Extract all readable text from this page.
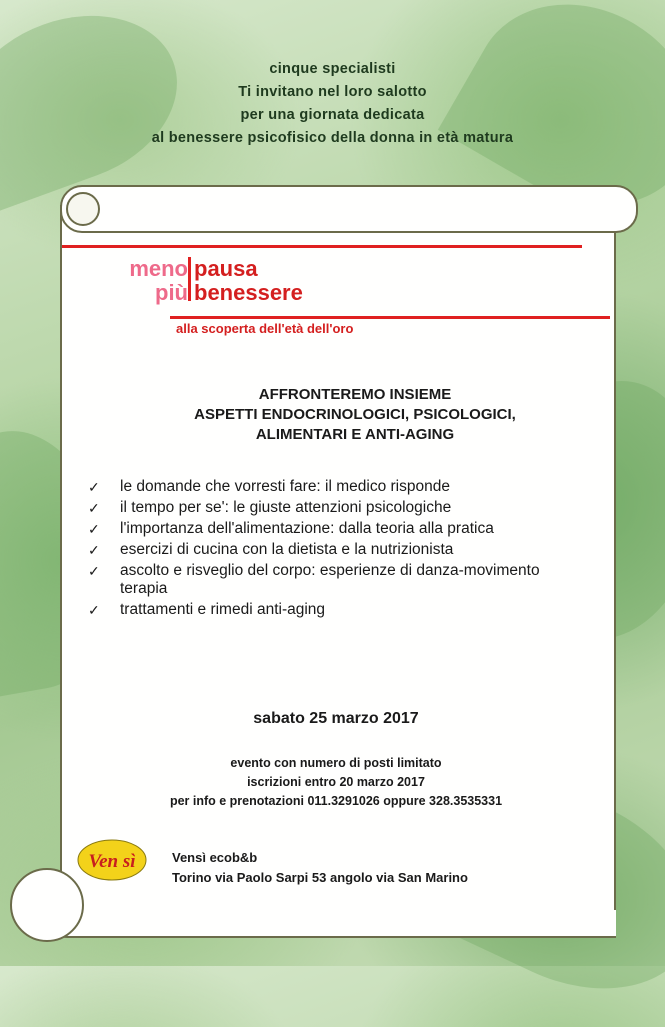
cinque specialisti
Ti invitano nel loro salotto
per una giornata dedicata
al benessere psicofisico della donna in età matura
meno pausa
più benessere
alla scoperta dell'età dell'oro
AFFRONTEREMO INSIEME
ASPETTI ENDOCRINOLOGICI, PSICOLOGICI,
ALIMENTARI E ANTI-AGING
✓	le domande che vorresti fare: il medico risponde
✓	il tempo per se': le giuste attenzioni psicologiche
✓	l'importanza dell'alimentazione: dalla teoria alla pratica
✓	esercizi di cucina con la dietista e la nutrizionista
✓	ascolto e risveglio del corpo: esperienze di danza-movimento terapia
✓	trattamenti e rimedi anti-aging
sabato 25 marzo 2017
evento con numero di posti limitato
iscrizioni entro 20 marzo 2017
per info e prenotazioni 011.3291026 oppure 328.3535331
Ven sì	Vensì ecob&b
Torino via Paolo Sarpi 53 angolo via San Marino
